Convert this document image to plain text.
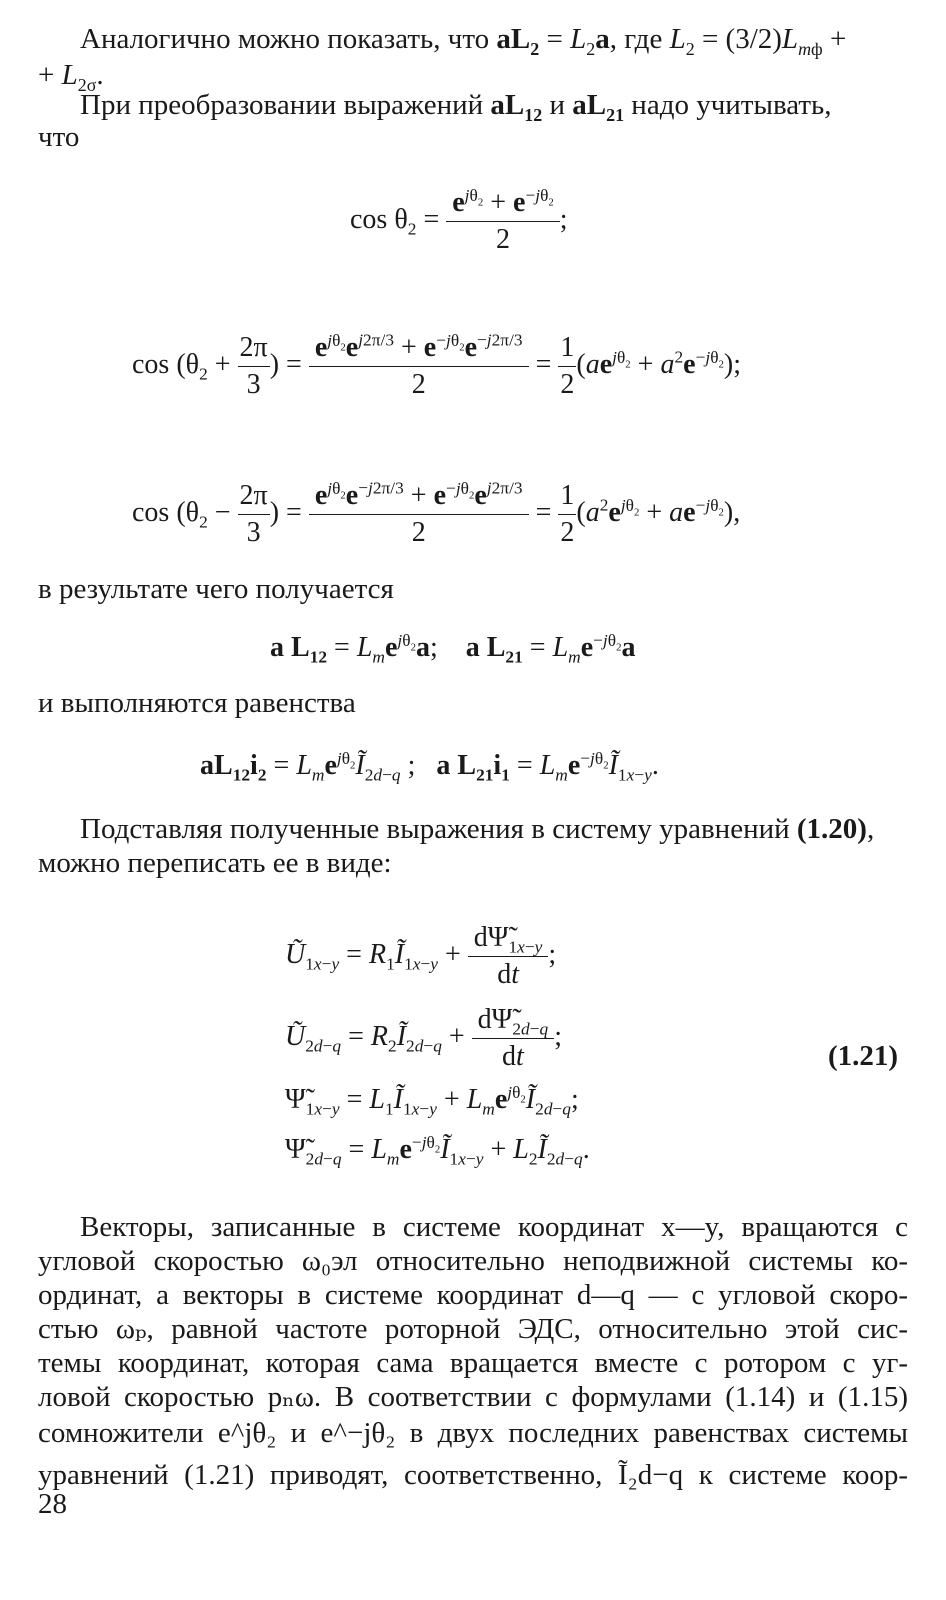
Аналогично можно показать, что $aL_2 = L_2a$, где $L_2 = (3/2)L_{mф}$ +
+ $L_{2\sigma}$.
При преобразовании выражений $aL_{12}$ и $aL_{21}$ надо учитывать,
что
$\cos \theta_2 = \frac{e^{j\theta_2} + e^{-j\theta_2}}{2}$ ;
$\cos (\theta_2 + \frac{2\pi}{3}$ ) = $\frac{e^{j\theta_2}e^{j2\pi/3} + e^{-j\theta_2}e^{-j2\pi/3}}{2} = \frac{1}{2} (ae^{j\theta_2} + a^2e^{-j\theta_2})$;
$\cos (\theta_2 - \frac{2\pi}{3}$ ) = $\frac{e^{j\theta_2}e^{-j2\pi/3} + e^{-j\theta_2}e^{j2\pi/3}}{2} = \frac{1}{2} (a^2e^{j\theta_2} + ae^{-j\theta_2})$,
в результате чего получается
a $L_{12} = L_me^{j\theta_2}a$;    a $L_{21} = L_me^{-j\theta_2}a$
и выполняются равенства
$aL_{12}i_2$ = $L_me^{j\theta_2}Ĩ_{2d-q}$ ;   a $L_{21}i_1$ = $L_me^{-j\theta_2}Ĩ_{1x-y}$.
Подставляя полученные выражения в систему уравнений (1.20),
можно переписать ее в виде:
$Ũ_{1x-y}$ = $R_1Ĩ_{1x-y} + \frac{d\Psĩ_{1x-y}}{dt}$ ;
$Ũ_{2d-q}$ = $R_2Ĩ_{2d-q} + \frac{d\Psĩ_{2d-q}}{dt}$ ;
$\Psĩ_{1x-y}$ = $L_1Ĩ_{1x-y}$ + $L_me^{j\theta_2}Ĩ_{2d-q}$;
$\Psĩ_{2d-q}$ = $L_me^{-j\theta_2}Ĩ_{1x-y}$ + $L_2Ĩ_{2d-q}$.
(1.21)
Векторы, записанные в системе координат x—y, вращаются с
угловой скоростью ω₀эл относительно неподвижной системы ко-
ординат, а векторы в системе координат d—q — с угловой скоро-
стью ωₚ, равной частоте роторной ЭДС, относительно этой сис-
темы координат, которая сама вращается вместе с ротором с уг-
ловой скоростью pₙω. В соответствии с формулами (1.14) и (1.15)
сомножители e^jθ₂ и e^−jθ₂ в двух последних равенствах системы
уравнений (1.21) приводят, соответственно, Ĩ₂d−q к системе коор-
28
